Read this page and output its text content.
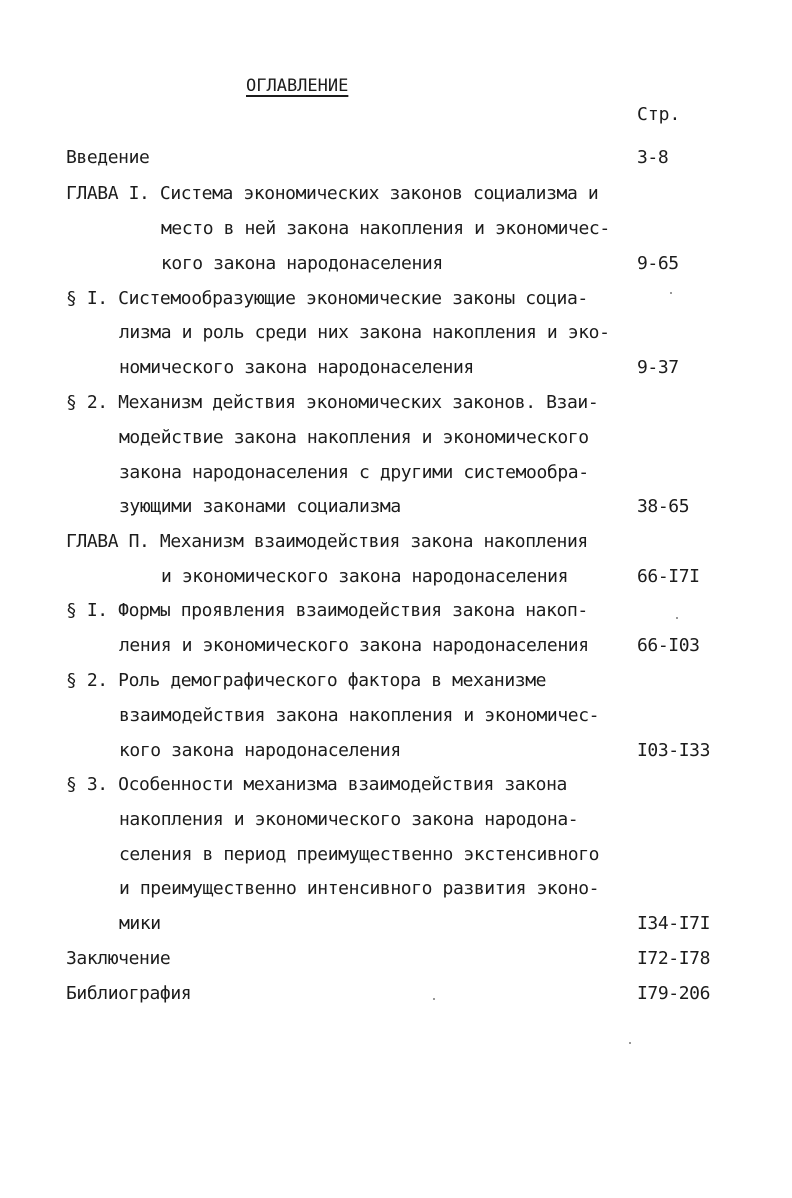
ОГЛАВЛЕНИЕ
Стр.
Введение	3-8
ГЛАВА I. Система экономических законов социализма и
место в ней закона накопления и экономичес-
кого закона народонаселения	9-65
§ I. Системообразующие экономические законы социа-
лизма и роль среди них закона накопления и эко-
номического закона народонаселения	9-37
§ 2. Механизм действия экономических законов. Взаи-
модействие закона накопления и экономического
закона народонаселения с другими системообра-
зующими законами социализма	38-65
ГЛАВА П. Механизм взаимодействия закона накопления
и экономического закона народонаселения	66-I7I
§ I. Формы проявления взаимодействия закона накоп-
ления и экономического закона народонаселения	66-I03
§ 2. Роль демографического фактора в механизме
взаимодействия закона накопления и экономичес-
кого закона народонаселения	I03-I33
§ 3. Особенности механизма взаимодействия закона
накопления и экономического закона народона-
селения в период преимущественно экстенсивного
и преимущественно интенсивного развития эконо-
мики	I34-I7I
Заключение	I72-I78
Библиография	I79-206
